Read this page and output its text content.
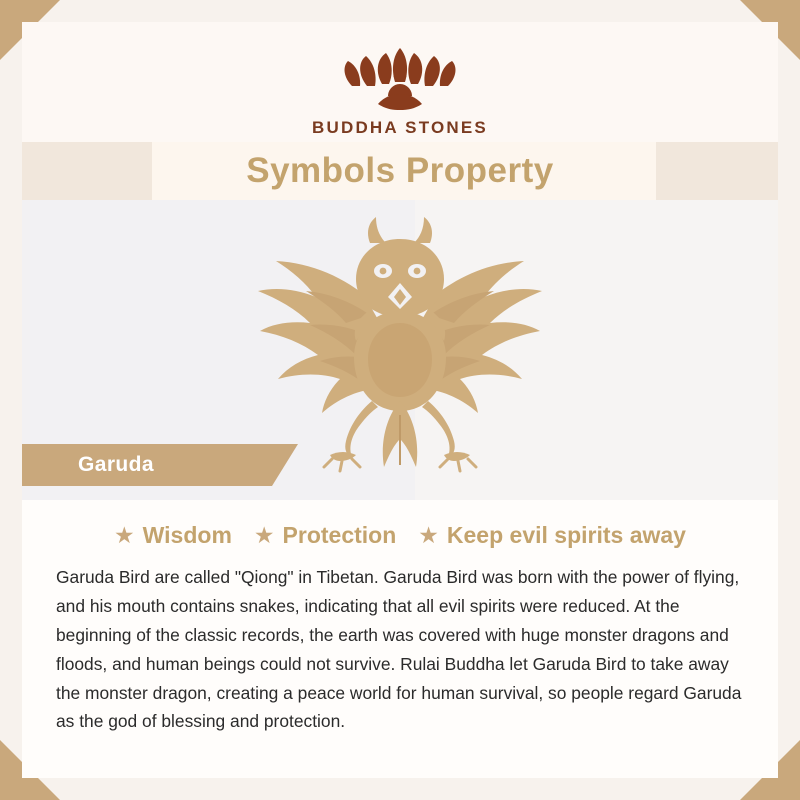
BUDDHA STONES
Symbols Property
Garuda
★ Wisdom ★ Protection ★ Keep evil spirits away
Garuda Bird are called "Qiong" in Tibetan. Garuda Bird was born with the power of flying, and his mouth contains snakes, indicating that all evil spirits were reduced. At the beginning of the classic records, the earth was covered with huge monster dragons and floods, and human beings could not survive. Rulai Buddha let Garuda Bird to take away the monster dragon, creating a peace world for human survival, so people regard Garuda as the god of blessing and protection.
